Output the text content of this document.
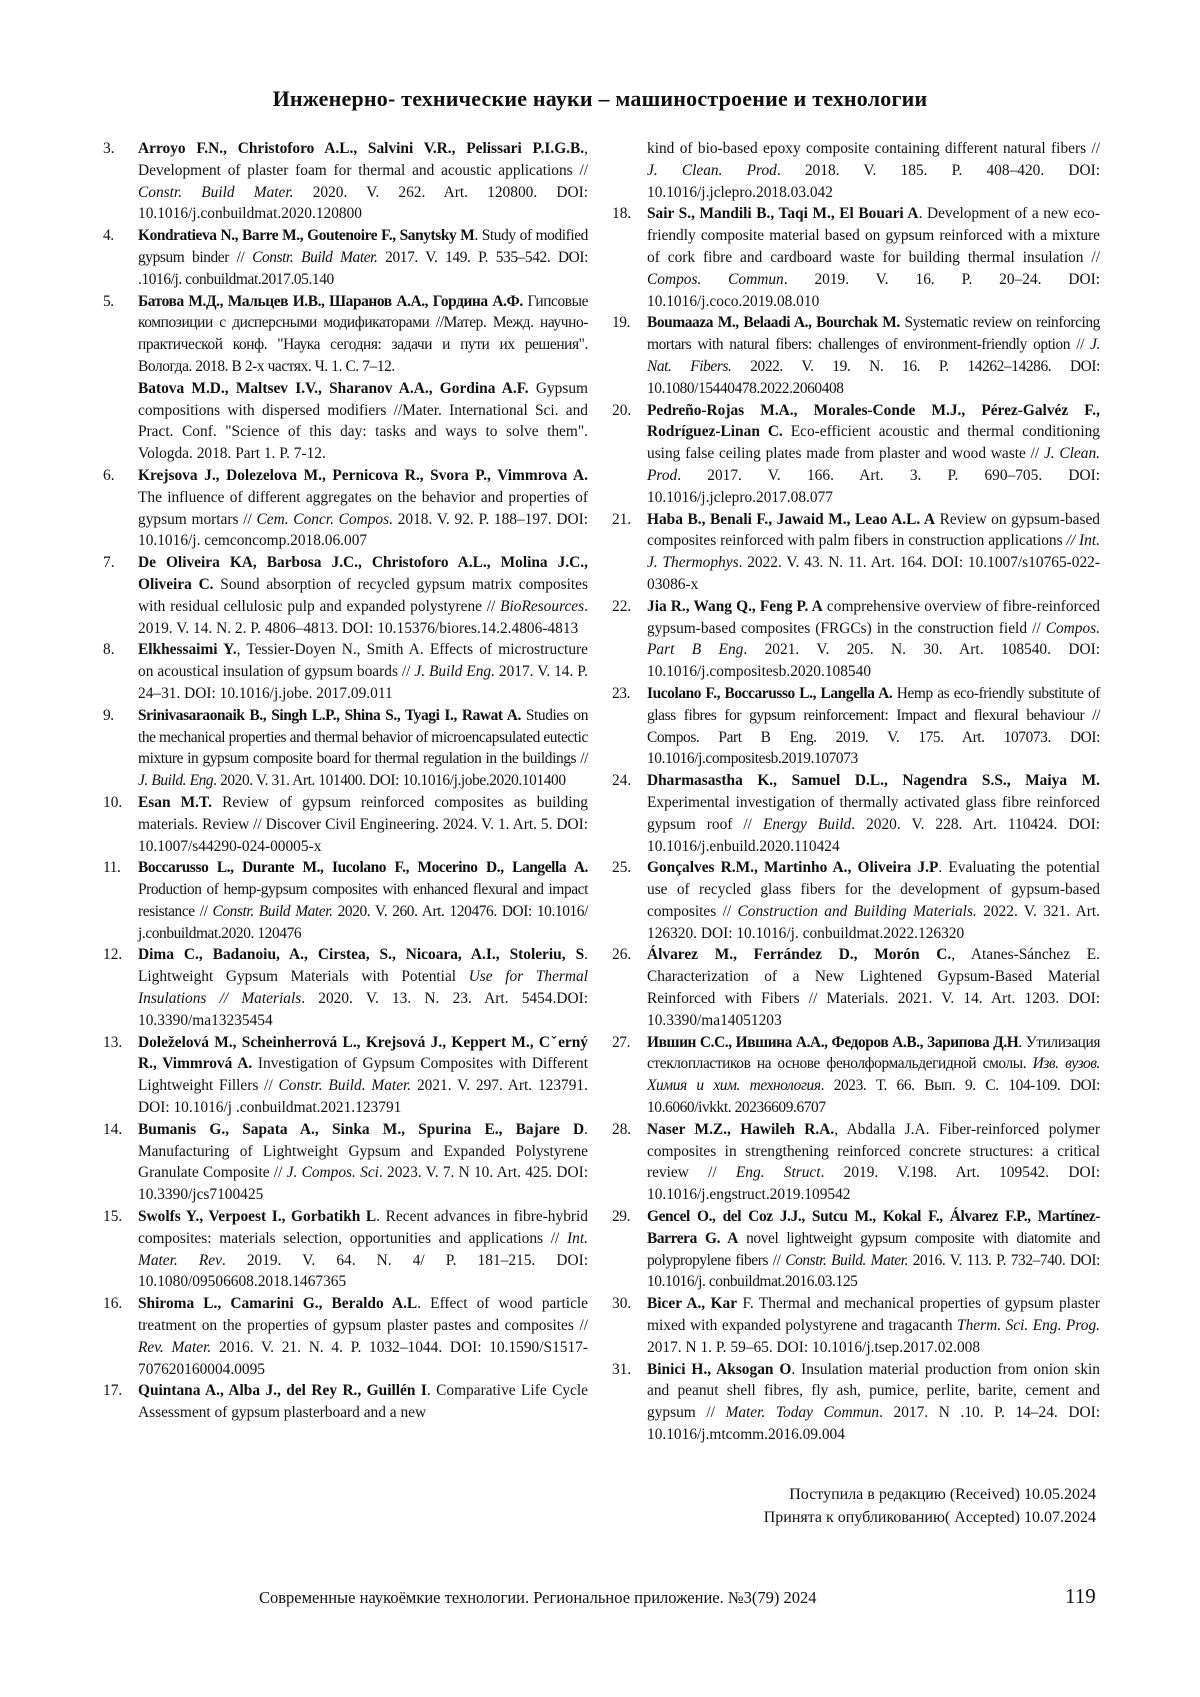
Инженерно- технические науки – машиностроение и технологии
3.	Arroyo F.N., Christoforo A.L., Salvini V.R., Pelissari P.I.G.B., Development of plaster foam for thermal and acoustic applications // Constr. Build Mater. 2020. V. 262. Art. 120800. DOI: 10.1016/j.conbuildmat.2020.120800
4.	Kondratieva N., Barre M., Goutenoire F., Sanytsky M. Study of modified gypsum binder // Constr. Build Mater. 2017. V. 149. P. 535–542. DOI: .1016/j. conbuildmat.2017.05.140
5.	Батова М.Д., Мальцев И.В., Шаранов А.А., Гордина А.Ф. Гипсовые композиции с дисперсными модификаторами //Матер. Межд. научно-практической конф. "Наука сегодня: задачи и пути их решения". Вологда. 2018. В 2-х частях. Ч. 1. С. 7–12.
Batova M.D., Maltsev I.V., Sharanov A.A., Gordina A.F. Gypsum compositions with dispersed modifiers //Mater. International Sci. and Pract. Conf. "Science of this day: tasks and ways to solve them". Vologda. 2018. Part 1. P. 7-12.
6.	Krejsova J., Dolezelova M., Pernicova R., Svora P., Vimmrova A. The influence of different aggregates on the behavior and properties of gypsum mortars // Cem. Concr. Compos. 2018. V. 92. P. 188–197. DOI: 10.1016/j. cemconcomp.2018.06.007
7.	De Oliveira KA, Barbosa J.C., Christoforo A.L., Molina J.C., Oliveira C. Sound absorption of recycled gypsum matrix composites with residual cellulosic pulp and expanded polystyrene // BioResources. 2019. V. 14. N. 2. P. 4806–4813. DOI: 10.15376/biores.14.2.4806-4813
8.	Elkhessaimi Y., Tessier-Doyen N., Smith A. Effects of microstructure on acoustical insulation of gypsum boards // J. Build Eng. 2017. V. 14. P. 24–31. DOI: 10.1016/j.jobe. 2017.09.011
9.	Srinivasaraonaik B., Singh L.P., Shina S., Tyagi I., Rawat A. Studies on the mechanical properties and thermal behavior of microencapsulated eutectic mixture in gypsum composite board for thermal regulation in the buildings // J. Build. Eng. 2020. V. 31. Art. 101400. DOI: 10.1016/j.jobe.2020.101400
10.	Esan M.T. Review of gypsum reinforced composites as building materials. Review // Discover Civil Engineering. 2024. V. 1. Art. 5. DOI: 10.1007/s44290-024-00005-x
11.	Boccarusso L., Durante M., Iucolano F., Mocerino D., Langella A. Production of hemp-gypsum composites with enhanced flexural and impact resistance // Constr. Build Mater. 2020. V. 260. Art. 120476. DOI: 10.1016/ j.conbuildmat.2020. 120476
12.	Dima C., Badanoiu, A., Cirstea, S., Nicoara, A.I., Stoleriu, S. Lightweight Gypsum Materials with Potential Use for Thermal Insulations // Materials. 2020. V. 13. N. 23. Art. 5454.DOI: 10.3390/ma13235454
13.	Doleželová M., Scheinherrová L., Krejsová J., Keppert M., Cˇerný R., Vimmrová A. Investigation of Gypsum Composites with Different Lightweight Fillers // Constr. Build. Mater. 2021. V. 297. Art. 123791. DOI: 10.1016/j .conbuildmat.2021.123791
14.	Bumanis G., Sapata A., Sinka M., Spurina E., Bajare D. Manufacturing of Lightweight Gypsum and Expanded Polystyrene Granulate Composite // J. Compos. Sci. 2023. V. 7. N 10. Art. 425. DOI: 10.3390/jcs7100425
15.	Swolfs Y., Verpoest I., Gorbatikh L. Recent advances in fibre-hybrid composites: materials selection, opportunities and applications // Int. Mater. Rev. 2019. V. 64. N. 4/ P. 181–215. DOI: 10.1080/09506608.2018.1467365
16.	Shiroma L., Camarini G., Beraldo A.L. Effect of wood particle treatment on the properties of gypsum plaster pastes and composites // Rev. Mater. 2016. V. 21. N. 4. P. 1032–1044. DOI: 10.1590/S1517-707620160004.0095
17.	Quintana A., Alba J., del Rey R., Guillén I. Comparative Life Cycle Assessment of gypsum plasterboard and a new
kind of bio-based epoxy composite containing different natural fibers // J. Clean. Prod. 2018. V. 185. P. 408–420. DOI: 10.1016/j.jclepro.2018.03.042
18.	Sair S., Mandili B., Taqi M., El Bouari A. Development of a new eco-friendly composite material based on gypsum reinforced with a mixture of cork fibre and cardboard waste for building thermal insulation // Compos. Commun. 2019. V. 16. P. 20–24. DOI: 10.1016/j.coco.2019.08.010
19.	Boumaaza M., Belaadi A., Bourchak M. Systematic review on reinforcing mortars with natural fibers: challenges of environment-friendly option // J. Nat. Fibers. 2022. V. 19. N. 16. P. 14262–14286. DOI: 10.1080/15440478.2022.2060408
20.	Pedreño-Rojas M.A., Morales-Conde M.J., Pérez-Galvéz F., Rodríguez-Linan C. Eco-efficient acoustic and thermal conditioning using false ceiling plates made from plaster and wood waste // J. Clean. Prod. 2017. V. 166. Art. 3. P. 690–705. DOI: 10.1016/j.jclepro.2017.08.077
21.	Haba B., Benali F., Jawaid M., Leao A.L. A Review on gypsum-based composites reinforced with palm fibers in construction applications // Int. J. Thermophys. 2022. V. 43. N. 11. Art. 164. DOI: 10.1007/s10765-022-03086-x
22.	Jia R., Wang Q., Feng P. A comprehensive overview of fibre-reinforced gypsum-based composites (FRGCs) in the construction field // Compos. Part B Eng. 2021. V. 205. N. 30. Art. 108540. DOI: 10.1016/j.compositesb.2020.108540
23.	Iucolano F., Boccarusso L., Langella A. Hemp as eco-friendly substitute of glass fibres for gypsum reinforcement: Impact and flexural behaviour // Compos. Part B Eng. 2019. V. 175. Art. 107073. DOI: 10.1016/j.compositesb.2019.107073
24.	Dharmasastha K., Samuel D.L., Nagendra S.S., Maiya M. Experimental investigation of thermally activated glass fibre reinforced gypsum roof // Energy Build. 2020. V. 228. Art. 110424. DOI: 10.1016/j.enbuild.2020.110424
25.	Gonçalves R.M., Martinho A., Oliveira J.P. Evaluating the potential use of recycled glass fibers for the development of gypsum-based composites // Construction and Building Materials. 2022. V. 321. Art. 126320. DOI: 10.1016/j. conbuildmat.2022.126320
26.	Álvarez M., Ferrández D., Morón C., Atanes-Sánchez E. Characterization of a New Lightened Gypsum-Based Material Reinforced with Fibers // Materials. 2021. V. 14. Art. 1203. DOI: 10.3390/ma14051203
27.	Ившин С.С., Ившина А.А., Федоров А.В., Зарипова Д.Н. Утилизация стеклопластиков на основе фенолформальдегидной смолы. Изв. вузов. Химия и хим. технология. 2023. Т. 66. Вып. 9. С. 104-109. DOI: 10.6060/ivkkt. 20236609.6707
28.	Naser M.Z., Hawileh R.A., Abdalla J.A. Fiber-reinforced polymer composites in strengthening reinforced concrete structures: a critical review // Eng. Struct. 2019. V.198. Art. 109542. DOI: 10.1016/j.engstruct.2019.109542
29.	Gencel O., del Coz J.J., Sutcu M., Kokal F., Álvarez F.P., Martínez-Barrera G. A novel lightweight gypsum composite with diatomite and polypropylene fibers // Constr. Build. Mater. 2016. V. 113. P. 732–740. DOI: 10.1016/j. conbuildmat.2016.03.125
30.	Bicer A., Kar F. Thermal and mechanical properties of gypsum plaster mixed with expanded polystyrene and tragacanth Therm. Sci. Eng. Prog. 2017. N 1. P. 59–65. DOI: 10.1016/j.tsep.2017.02.008
31.	Binici H., Aksogan O. Insulation material production from onion skin and peanut shell fibres, fly ash, pumice, perlite, barite, cement and gypsum // Mater. Today Commun. 2017. N .10. P. 14–24. DOI: 10.1016/j.mtcomm.2016.09.004
Поступила в редакцию (Received) 10.05.2024
Принята к опубликованию( Accepted) 10.07.2024
Современные наукоёмкие технологии. Региональное приложение. №3(79) 2024	119
